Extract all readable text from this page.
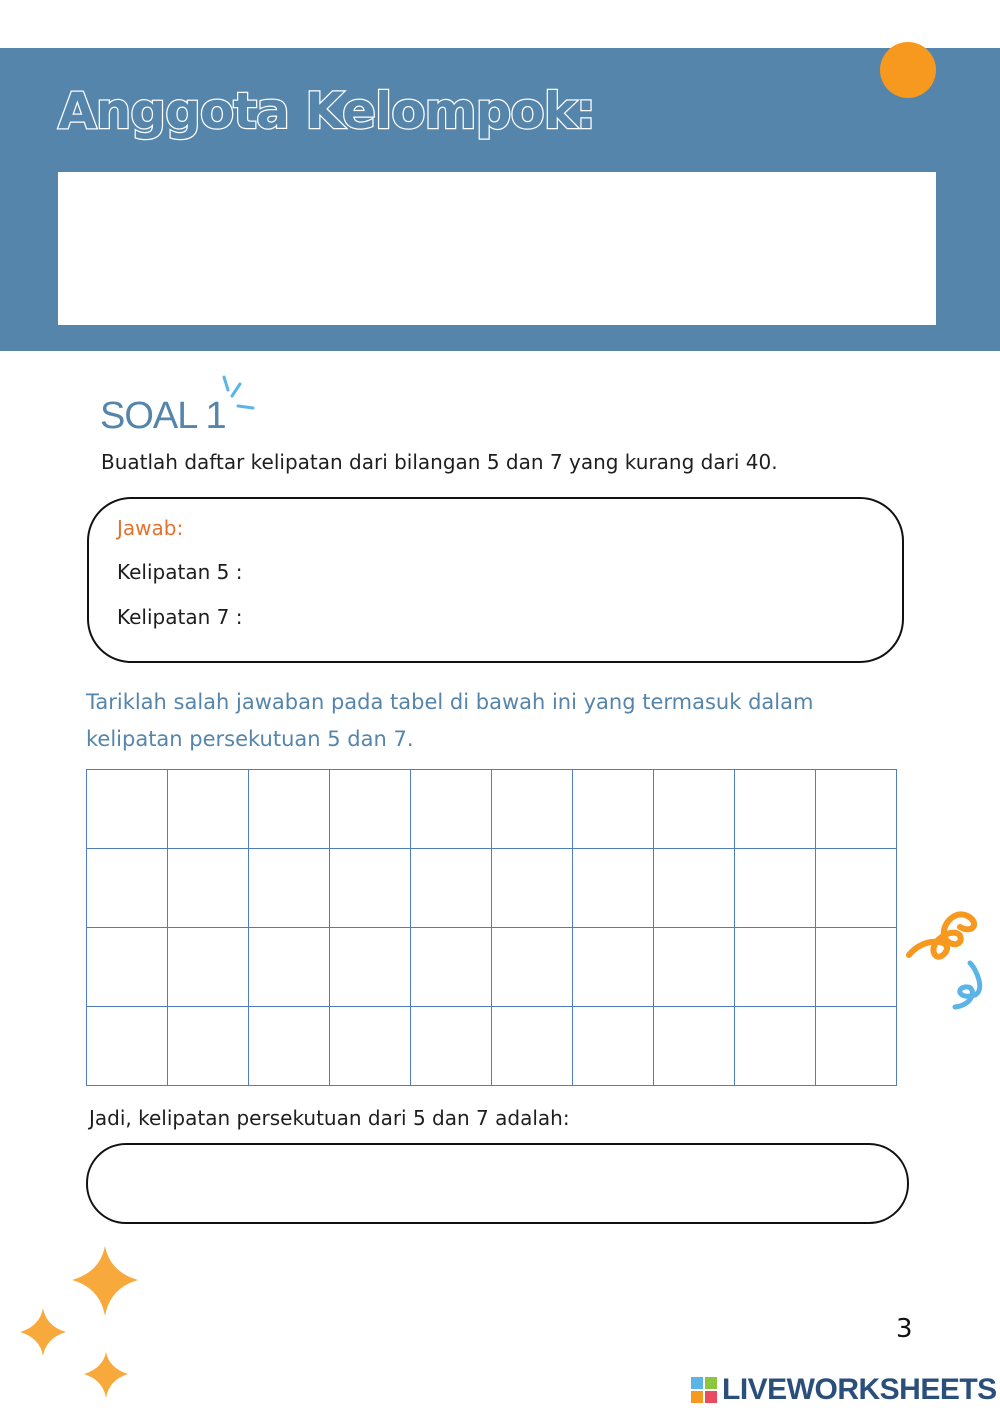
Anggota Kelompok:
SOAL 1
Buatlah daftar kelipatan dari bilangan 5 dan 7 yang kurang dari 40.
Jawab:
Kelipatan 5 :
Kelipatan 7 :
Tariklah salah jawaban pada tabel di bawah ini yang termasuk dalam
kelipatan persekutuan 5 dan 7.

Jadi, kelipatan persekutuan dari 5 dan 7 adalah:
3
LIVEWORKSHEETS
